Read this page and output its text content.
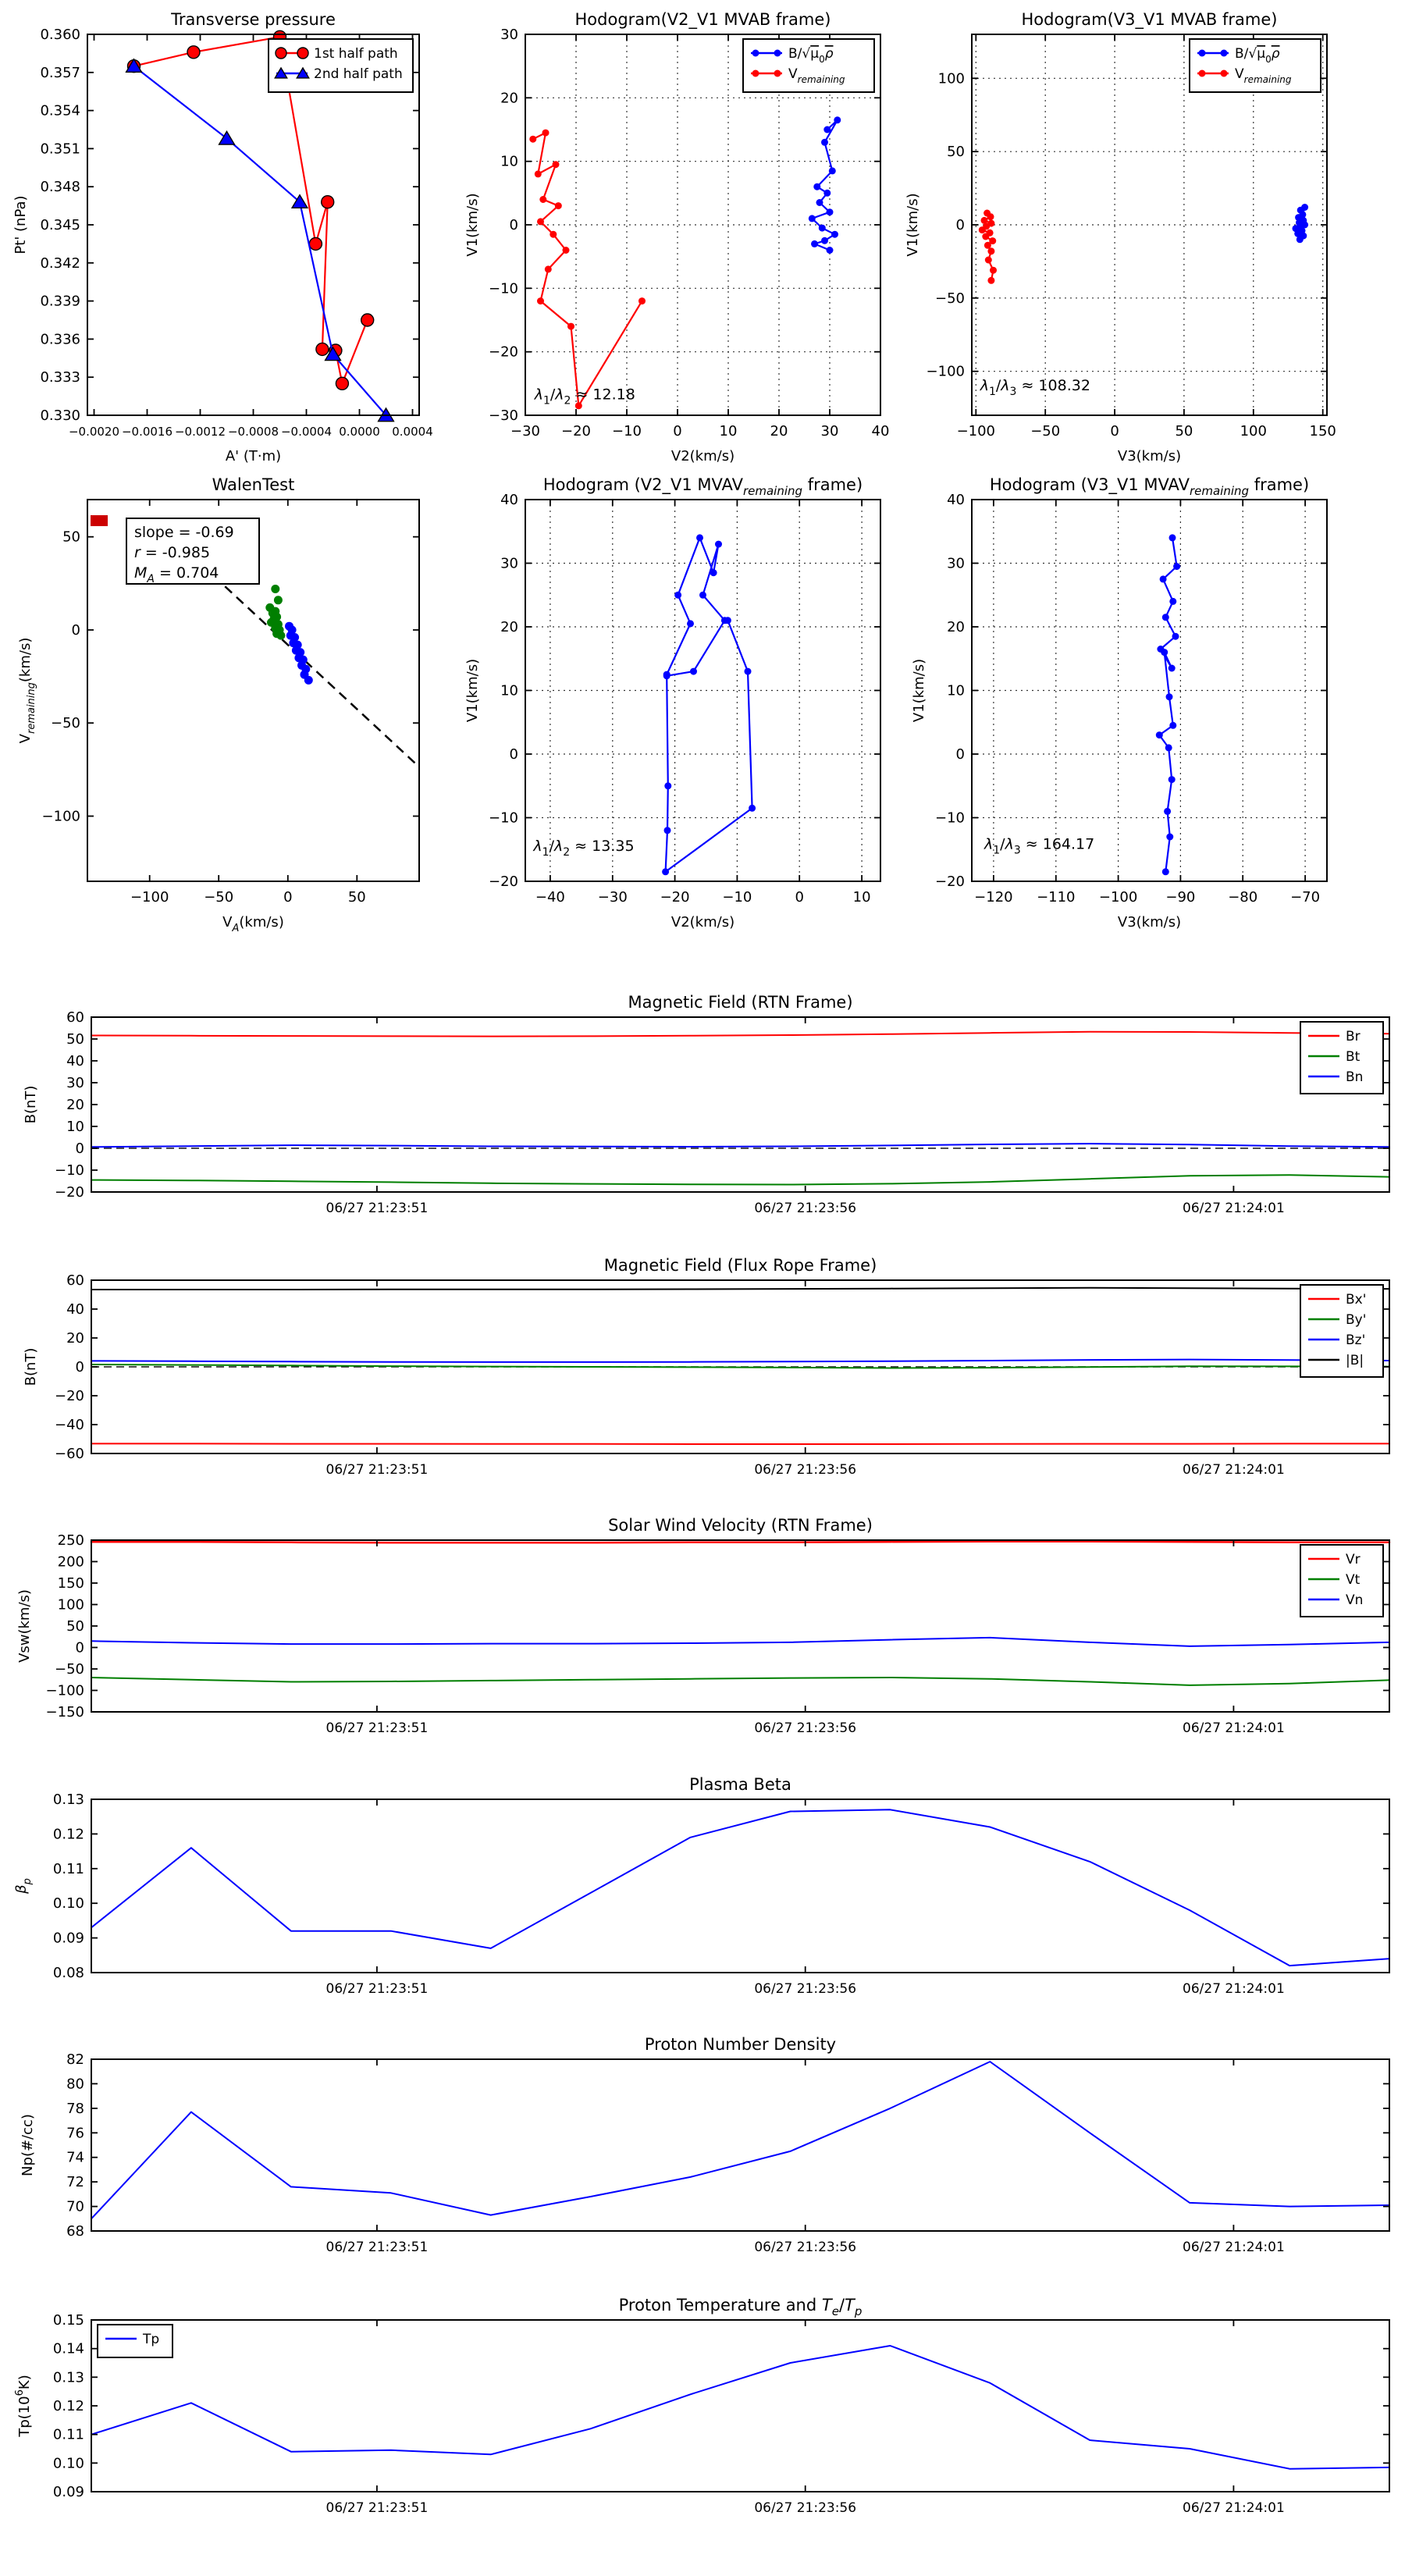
−0.0020 −0.0016 −0.0012 −0.0008 −0.0004 0.0000 0.0004
0.330
0.333
0.336
0.339
0.342
0.345
0.348
0.351
0.354
0.357
0.360
Transverse pressure
A' (T·m)
Pt' (nPa)
1st half path
2nd half path
−30 −20 −10 0	10 20 30 40
−30
−20
−10
0
10
20
30
Hodogram(V2_V1 MVAB frame)
V2(km/s)
V1(km/s)
$\lambda_1/\lambda_2 \approx 12.18$
$B/√\mu_0\rho$
$V_{remaining}$
−100	−50	0	50	100	150
−100
−50
0
50
100
Hodogram(V3_V1 MVAB frame)
V3(km/s)
V1(km/s)
$\lambda_1/\lambda_3 \approx 108.32$
$B/√\mu_0\rho$
$V_{remaining}$
−100 −50	0	50
−100
−50
0
50
WalenTest
$V_A(km/s)$
$V_{remaining}(km/s)$
slope = -0.69
r = -0.985
$M_A = 0.704$
−40 −30 −20 −10	0	10
−20
−10
0
10
20
30
40
Hodogram (V2_V1 $MVAV_{remaining}$ frame)
V2(km/s)
V1(km/s)
$\lambda_1/\lambda_2 \approx 13.35$
−120 −110 −100 −90 −80 −70
−20
−10
0
10
20
30
40
Hodogram (V3_V1 $MVAV_{remaining}$ frame)
V3(km/s)
V1(km/s)
$\lambda_1/\lambda_3 \approx 164.17$
06/27 21:23:51	06/27 21:23:56	06/27 21:24:01
60
50
40
30
20
10
0
−10
−20
Magnetic Field (RTN Frame)
B(nT)
Br
Bt
Bn
06/27 21:23:51	06/27 21:23:56	06/27 21:24:01
60
40
20
0
−20
−40
−60
Magnetic Field (Flux Rope Frame)
B(nT)
Bx'
By'
Bz'
|B|
06/27 21:23:51	06/27 21:23:56	06/27 21:24:01
250
200
150
100
50
0
−50
−100
−150
Solar Wind Velocity (RTN Frame)
Vsw(km/s)
Vr
Vt
Vn
06/27 21:23:51	06/27 21:23:56	06/27 21:24:01
0.13
0.12
0.11
0.10
0.09
0.08
Plasma Beta
$\beta_p$
06/27 21:23:51	06/27 21:23:56	06/27 21:24:01
82
80
78
76
74
72
70
68
Proton Number Density
Np(#/cc)
06/27 21:23:51	06/27 21:23:56	06/27 21:24:01
0.15
0.14
0.13
0.12
0.11
0.10
0.09
Proton Temperature and $T_e/T_p$
$Tp(10^6K)$
Tp
